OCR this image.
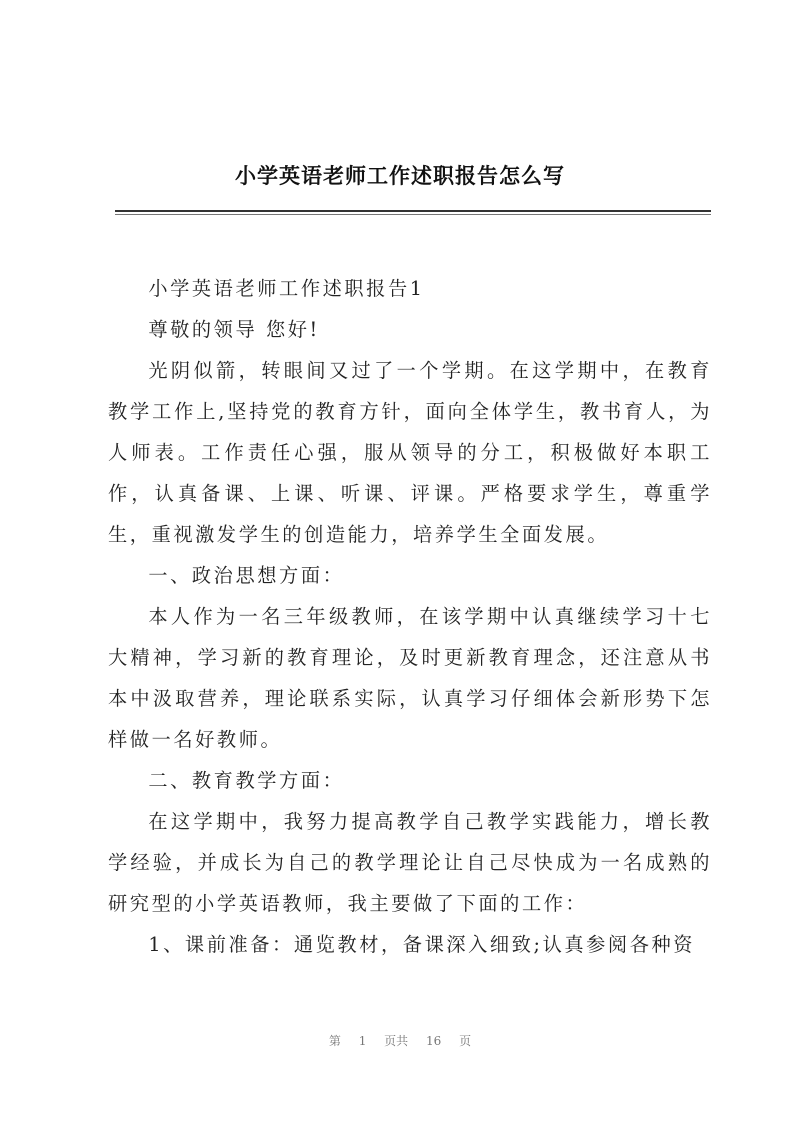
小学英语老师工作述职报告怎么写

小学英语老师工作述职报告1

尊敬的领导 您好!

光阴似箭，转眼间又过了一个学期。在这学期中，在教育教学工作上,坚持党的教育方针，面向全体学生，教书育人，为人师表。工作责任心强，服从领导的分工，积极做好本职工作，认真备课、上课、听课、评课。严格要求学生，尊重学生，重视激发学生的创造能力，培养学生全面发展。

一、政治思想方面：

本人作为一名三年级教师，在该学期中认真继续学习十七大精神，学习新的教育理论，及时更新教育理念，还注意从书本中汲取营养，理论联系实际，认真学习仔细体会新形势下怎样做一名好教师。

二、教育教学方面：

在这学期中，我努力提高教学自己教学实践能力，增长教学经验，并成长为自己的教学理论让自己尽快成为一名成熟的研究型的小学英语教师，我主要做了下面的工作：

1、课前准备：通览教材，备课深入细致;认真参阅各种资

第 1 页共 16 页
